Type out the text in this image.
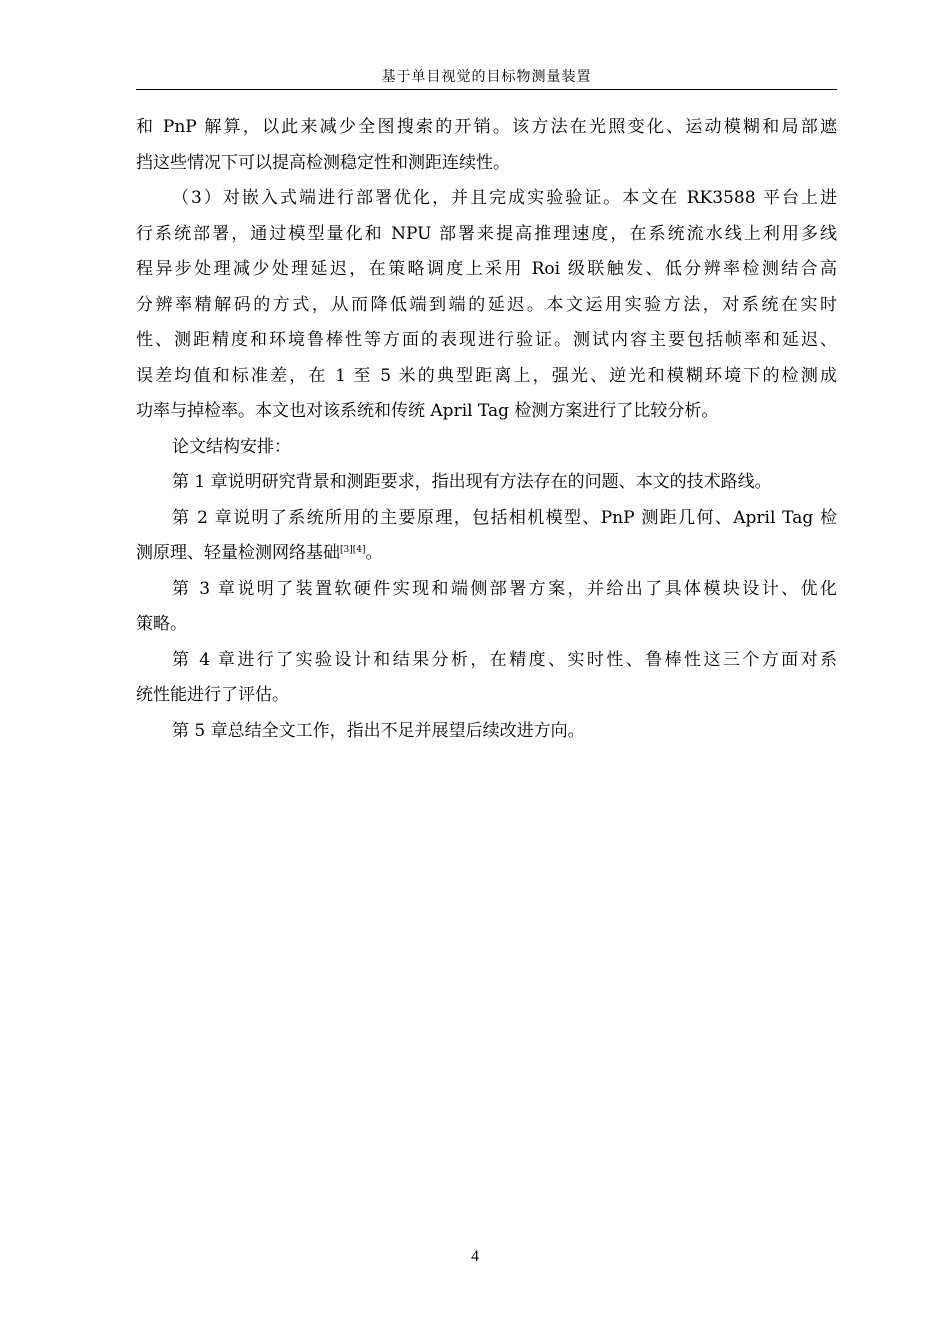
基于单目视觉的目标物测量装置
和 PnP 解算，以此来减少全图搜索的开销。该方法在光照变化、运动模糊和局部遮
挡这些情况下可以提高检测稳定性和测距连续性。
（3）对嵌入式端进行部署优化，并且完成实验验证。本文在 RK3588 平台上进
行系统部署，通过模型量化和 NPU 部署来提高推理速度，在系统流水线上利用多线
程异步处理减少处理延迟，在策略调度上采用 Roi 级联触发、低分辨率检测结合高
分辨率精解码的方式，从而降低端到端的延迟。本文运用实验方法，对系统在实时
性、测距精度和环境鲁棒性等方面的表现进行验证。测试内容主要包括帧率和延迟、
误差均值和标准差，在 1 至 5 米的典型距离上，强光、逆光和模糊环境下的检测成
功率与掉检率。本文也对该系统和传统 April Tag 检测方案进行了比较分析。
论文结构安排：
第 1 章说明研究背景和测距要求，指出现有方法存在的问题、本文的技术路线。
第 2 章说明了系统所用的主要原理，包括相机模型、PnP 测距几何、April Tag 检
测原理、轻量检测网络基础[3][4]。
第 3 章说明了装置软硬件实现和端侧部署方案，并给出了具体模块设计、优化
策略。
第 4 章进行了实验设计和结果分析，在精度、实时性、鲁棒性这三个方面对系
统性能进行了评估。
第 5 章总结全文工作，指出不足并展望后续改进方向。
4
